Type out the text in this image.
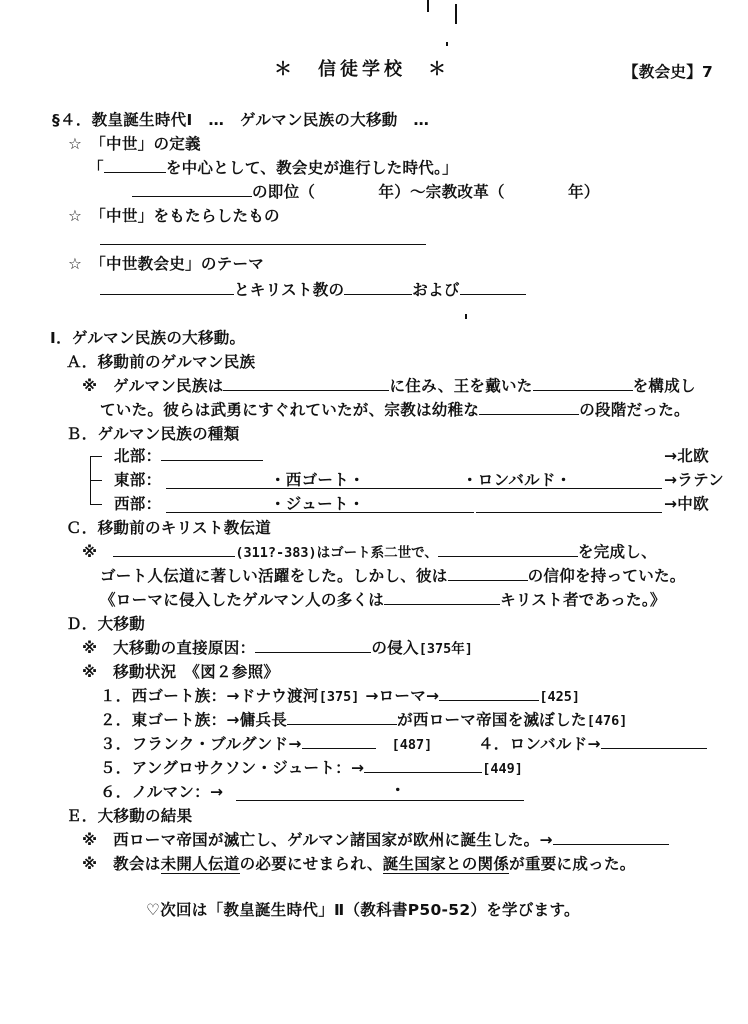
＊　信徒学校　＊	【教会史】7
§４．教皇誕生時代Ⅰ　…　ゲルマン民族の大移動　…
☆　「中世」の定義
「	を中心として、教会史が進行した時代。」
の即位（　　　　年）～宗教改革（　　　　年）
☆　「中世」をもたらしたもの
☆　「中世教会史」のテーマ
とキリスト教の	および
Ⅰ．ゲルマン民族の大移動。
Ａ．移動前のゲルマン民族
※　ゲルマン民族は	に住み、王を戴いた	を構成し
ていた。彼らは武勇にすぐれていたが、宗教は幼稚な	の段階だった。
Ｂ．ゲルマン民族の種類
北部：	→北欧
東部：	・西ゴート・	・ロンバルド・	→ラテン
西部：	・ジュート・	→中欧
Ｃ．移動前のキリスト教伝道
※	(311?-383)はゴート系二世で、	を完成し、
ゴート人伝道に著しい活躍をした。しかし、彼は	の信仰を持っていた。
《ローマに侵入したゲルマン人の多くは	キリスト者であった。》
Ｄ．大移動
※　大移動の直接原因：	の侵入[375年]
※　移動状況　《図２参照》
１．西ゴート族：→ドナウ渡河[375] →ローマ→	[425]
２．東ゴート族：→傭兵長	が西ローマ帝国を滅ぼした[476]
３．フランク・ブルグンド→	[487]	４．ロンバルド→
５．アングロサクソン・ジュート：→	[449]
６．ノルマン：→	・
Ｅ．大移動の結果
※　西ローマ帝国が滅亡し、ゲルマン諸国家が欧州に誕生した。→
※　教会は未開人伝道の必要にせまられ、誕生国家との関係が重要に成った。
♡次回は「教皇誕生時代」Ⅱ（教科書P50-52）を学びます。
